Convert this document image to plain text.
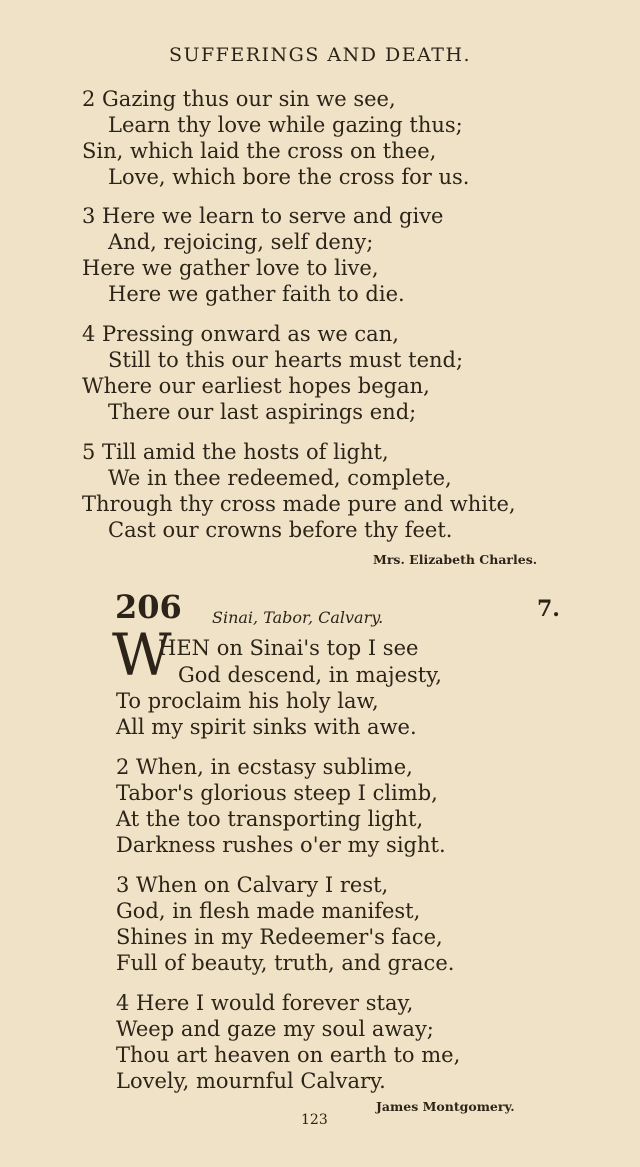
SUFFERINGS AND DEATH.
2 Gazing thus our sin we see,
Learn thy love while gazing thus;
Sin, which laid the cross on thee,
Love, which bore the cross for us.
3 Here we learn to serve and give
And, rejoicing, self deny;
Here we gather love to live,
Here we gather faith to die.
4 Pressing onward as we can,
Still to this our hearts must tend;
Where our earliest hopes began,
There our last aspirings end;
5 Till amid the hosts of light,
We in thee redeemed, complete,
Through thy cross made pure and white,
Cast our crowns before thy feet.
Mrs. Elizabeth Charles.
206 Sinai, Tabor, Calvary.	7.
W
HEN on Sinai's top I see
God descend, in majesty,
To proclaim his holy law,
All my spirit sinks with awe.
2 When, in ecstasy sublime,
Tabor's glorious steep I climb,
At the too transporting light,
Darkness rushes o'er my sight.
3 When on Calvary I rest,
God, in flesh made manifest,
Shines in my Redeemer's face,
Full of beauty, truth, and grace.
4 Here I would forever stay,
Weep and gaze my soul away;
Thou art heaven on earth to me,
Lovely, mournful Calvary.
James Montgomery.
123
